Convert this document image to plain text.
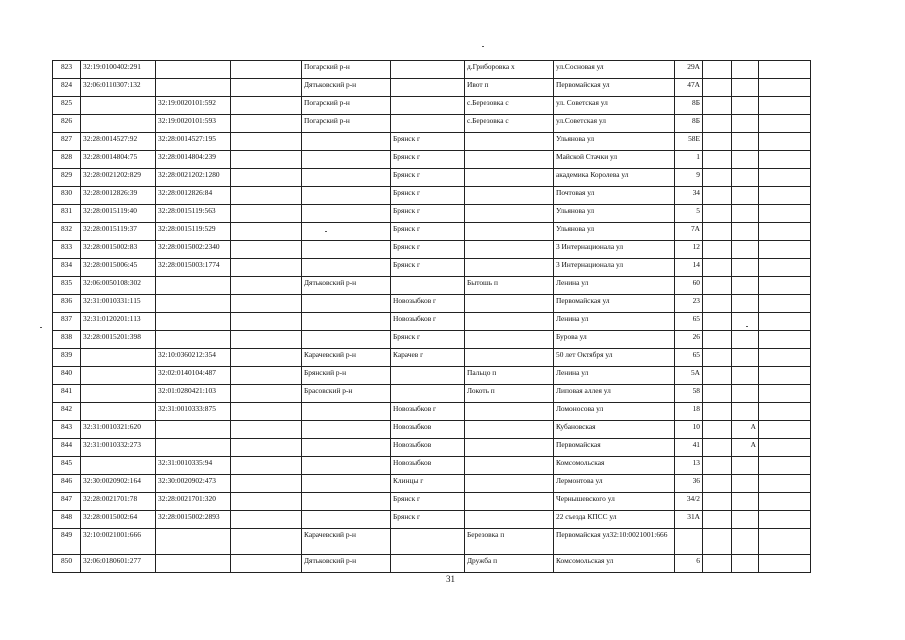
823	32:19:0100402:291			Погарский р-н		д.Гриборовка х	ул.Сосновая ул	29А			
824	32:06:0110307:132			Дятьковский р-н		Ивот п	Первомайская ул	47А			
825		32:19:0020101:592		Погарский р-н		с.Березовка с	ул. Советская ул	8Б			
826		32:19:0020101:593		Погарский р-н		с.Березовка с	ул.Советская ул	8Б			
827	32:28:0014527:92	32:28:0014527:195			Брянск г		Ульянова ул	58Е			
828	32:28:0014804:75	32:28:0014804:239			Брянск г		Майской Стачки ул	1			
829	32:28:0021202:829	32:28:0021202:1280			Брянск г		академика Королева ул	9			
830	32:28:0012826:39	32:28:0012826:84			Брянск г		Почтовая ул	34			
831	32:28:0015119:40	32:28:0015119:563			Брянск г		Ульянова ул	5			
832	32:28:0015119:37	32:28:0015119:529			Брянск г		Ульянова ул	7А			
833	32:28:0015002:83	32:28:0015002:2340			Брянск г		3 Интернационала ул	12			
834	32:28:0015006:45	32:28:0015003:1774			Брянск г		3 Интернационала ул	14			
835	32:06:0050108:302			Дятьковский р-н		Бытошь п	Ленина ул	60			
836	32:31:0010331:115				Новозыбков г		Первомайская ул	23			
837	32:31:0120201:113				Новозыбков г		Ленина ул	65			
838	32:28:0015201:398				Брянск г		Бурова ул	26			
839		32:10:0360212:354		Карачевский р-н	Карачев г		50 лет Октября ул	65			
840		32:02:0140104:487		Брянский р-н		Пальцо п	Ленина ул	5А			
841		32:01:0280421:103		Брасовский р-н		Локоть п	Липовая аллея ул	58			
842		32:31:0010333:875			Новозыбков г		Ломоносова ул	18			
843	32:31:0010321:620				Новозыбков		Кубановская	10		А	
844	32:31:0010332:273				Новозыбков		Первомайская	41		А	
845		32:31:0010335:94			Новозыбков		Комсомольская	13			
846	32:30:0020902:164	32:30:0020902:473			Клинцы г		Лермонтова ул	36			
847	32:28:0021701:78	32:28:0021701:320			Брянск г		Чернышевского ул	34/2			
848	32:28:0015002:64	32:28:0015002:2893			Брянск г		22 съезда КПСС ул	31А			
849	32:10:0021001:666			Карачевский р-н		Березовка п	Первомайская ул32:10:0021001:666				
850	32:06:0180601:277			Дятьковский р-н		Дружба п	Комсомольская ул	6			
31
